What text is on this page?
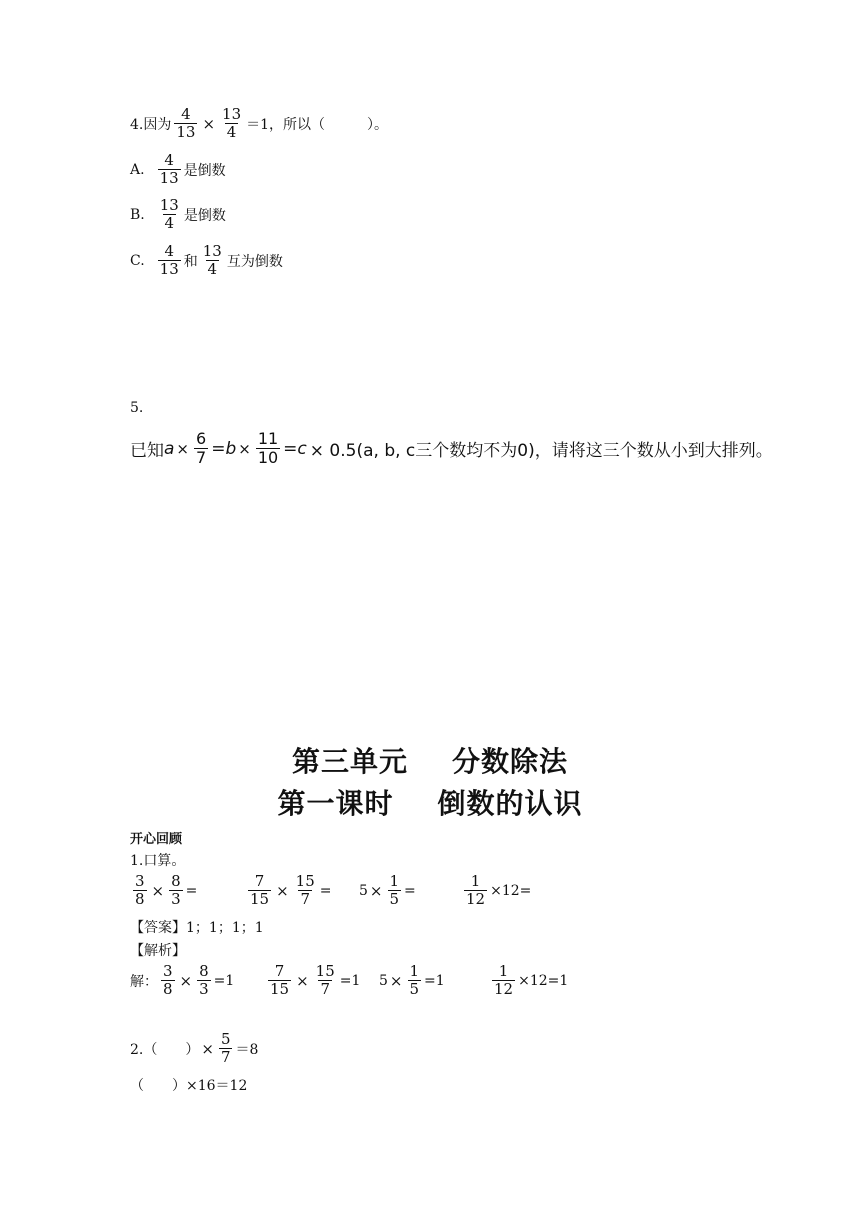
4.因为 $\frac{4}{13} \times \frac{13}{4} =1$ ，所以（　　　）。
A. $\frac{4}{13}$ 是倒数
B. $\frac{13}{4}$ 是倒数
C. $\frac{4}{13}$ 和 $\frac{13}{4}$ 互为倒数
5.
已知 $a \times \frac{6}{7} = b \times \frac{11}{10} = c \times 0.5(a$, b, c三个数均不为0)，请将这三个数从小到大排列。
第三单元 分数除法
第一课时 倒数的认识
开心回顾
1.口算。
$\frac{3}{8} \times \frac{8}{3}$ =	$\frac{7}{15} \times \frac{15}{7} = 5 \times \frac{1}{5}$ =	$\frac{1}{12} \times 12=$
【答案】1；1；1；1
【解析】
解： $\frac{3}{8} \times \frac{8}{3} =1 \frac{7}{15} \times \frac{15}{7} =1$ $5 \times \frac{1}{5} =1$	$\frac{1}{12} \times 12=1$
2.（　　） × $\frac{5}{7} =8$
（　　）×16＝12
